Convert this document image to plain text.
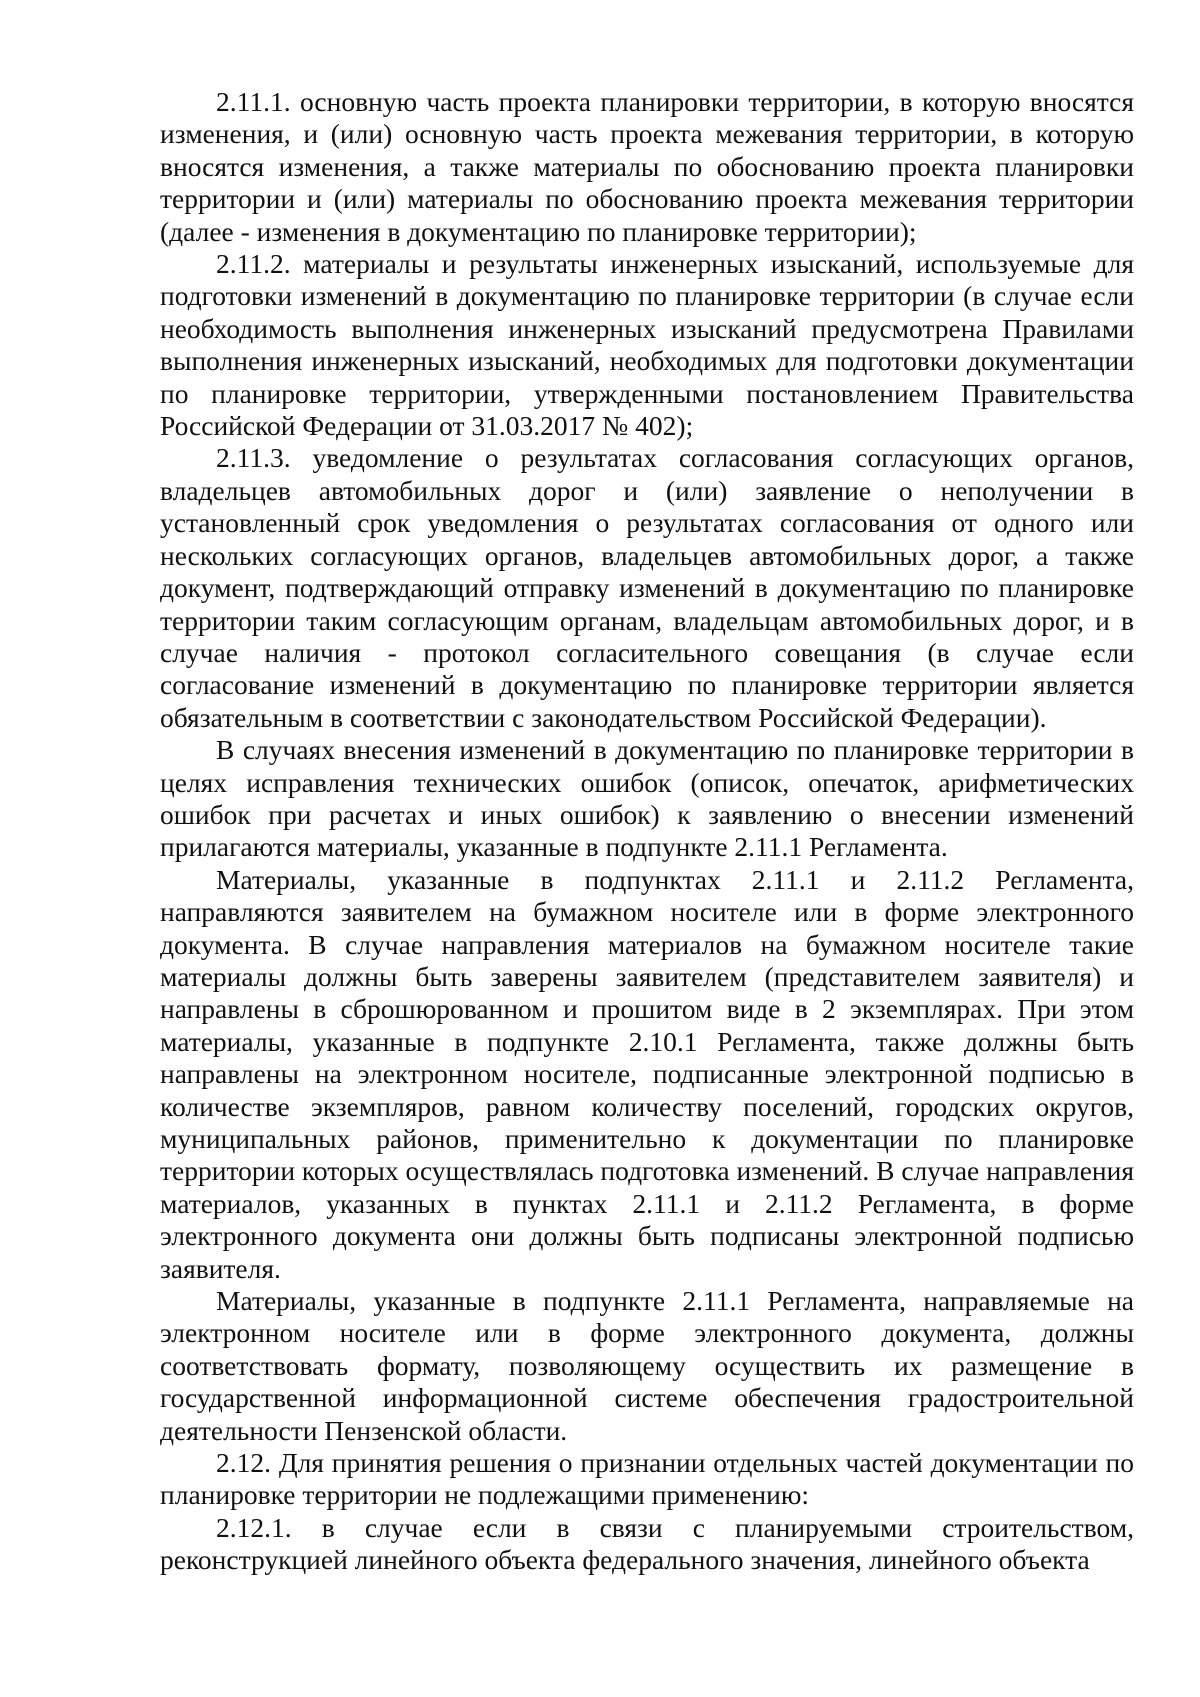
2.11.1. основную часть проекта планировки территории, в которую вносятся изменения, и (или) основную часть проекта межевания территории, в которую вносятся изменения, а также материалы по обоснованию проекта планировки территории и (или) материалы по обоснованию проекта межевания территории (далее - изменения в документацию по планировке территории);

2.11.2. материалы и результаты инженерных изысканий, используемые для подготовки изменений в документацию по планировке территории (в случае если необходимость выполнения инженерных изысканий предусмотрена Правилами выполнения инженерных изысканий, необходимых для подготовки документации по планировке территории, утвержденными постановлением Правительства Российской Федерации от 31.03.2017 № 402);

2.11.3. уведомление о результатах согласования согласующих органов, владельцев автомобильных дорог и (или) заявление о неполучении в установленный срок уведомления о результатах согласования от одного или нескольких согласующих органов, владельцев автомобильных дорог, а также документ, подтверждающий отправку изменений в документацию по планировке территории таким согласующим органам, владельцам автомобильных дорог, и в случае наличия - протокол согласительного совещания (в случае если согласование изменений в документацию по планировке территории является обязательным в соответствии с законодательством Российской Федерации).

В случаях внесения изменений в документацию по планировке территории в целях исправления технических ошибок (описок, опечаток, арифметических ошибок при расчетах и иных ошибок) к заявлению о внесении изменений прилагаются материалы, указанные в подпункте 2.11.1 Регламента.

Материалы, указанные в подпунктах 2.11.1 и 2.11.2 Регламента, направляются заявителем на бумажном носителе или в форме электронного документа. В случае направления материалов на бумажном носителе такие материалы должны быть заверены заявителем (представителем заявителя) и направлены в сброшюрованном и прошитом виде в 2 экземплярах. При этом материалы, указанные в подпункте 2.10.1 Регламента, также должны быть направлены на электронном носителе, подписанные электронной подписью в количестве экземпляров, равном количеству поселений, городских округов, муниципальных районов, применительно к документации по планировке территории которых осуществлялась подготовка изменений. В случае направления материалов, указанных в пунктах 2.11.1 и 2.11.2 Регламента, в форме электронного документа они должны быть подписаны электронной подписью заявителя.

Материалы, указанные в подпункте 2.11.1 Регламента, направляемые на электронном носителе или в форме электронного документа, должны соответствовать формату, позволяющему осуществить их размещение в государственной информационной системе обеспечения градостроительной деятельности Пензенской области.

2.12. Для принятия решения о признании отдельных частей документации по планировке территории не подлежащими применению:

2.12.1. в случае если в связи с планируемыми строительством, реконструкцией линейного объекта федерального значения, линейного объекта
